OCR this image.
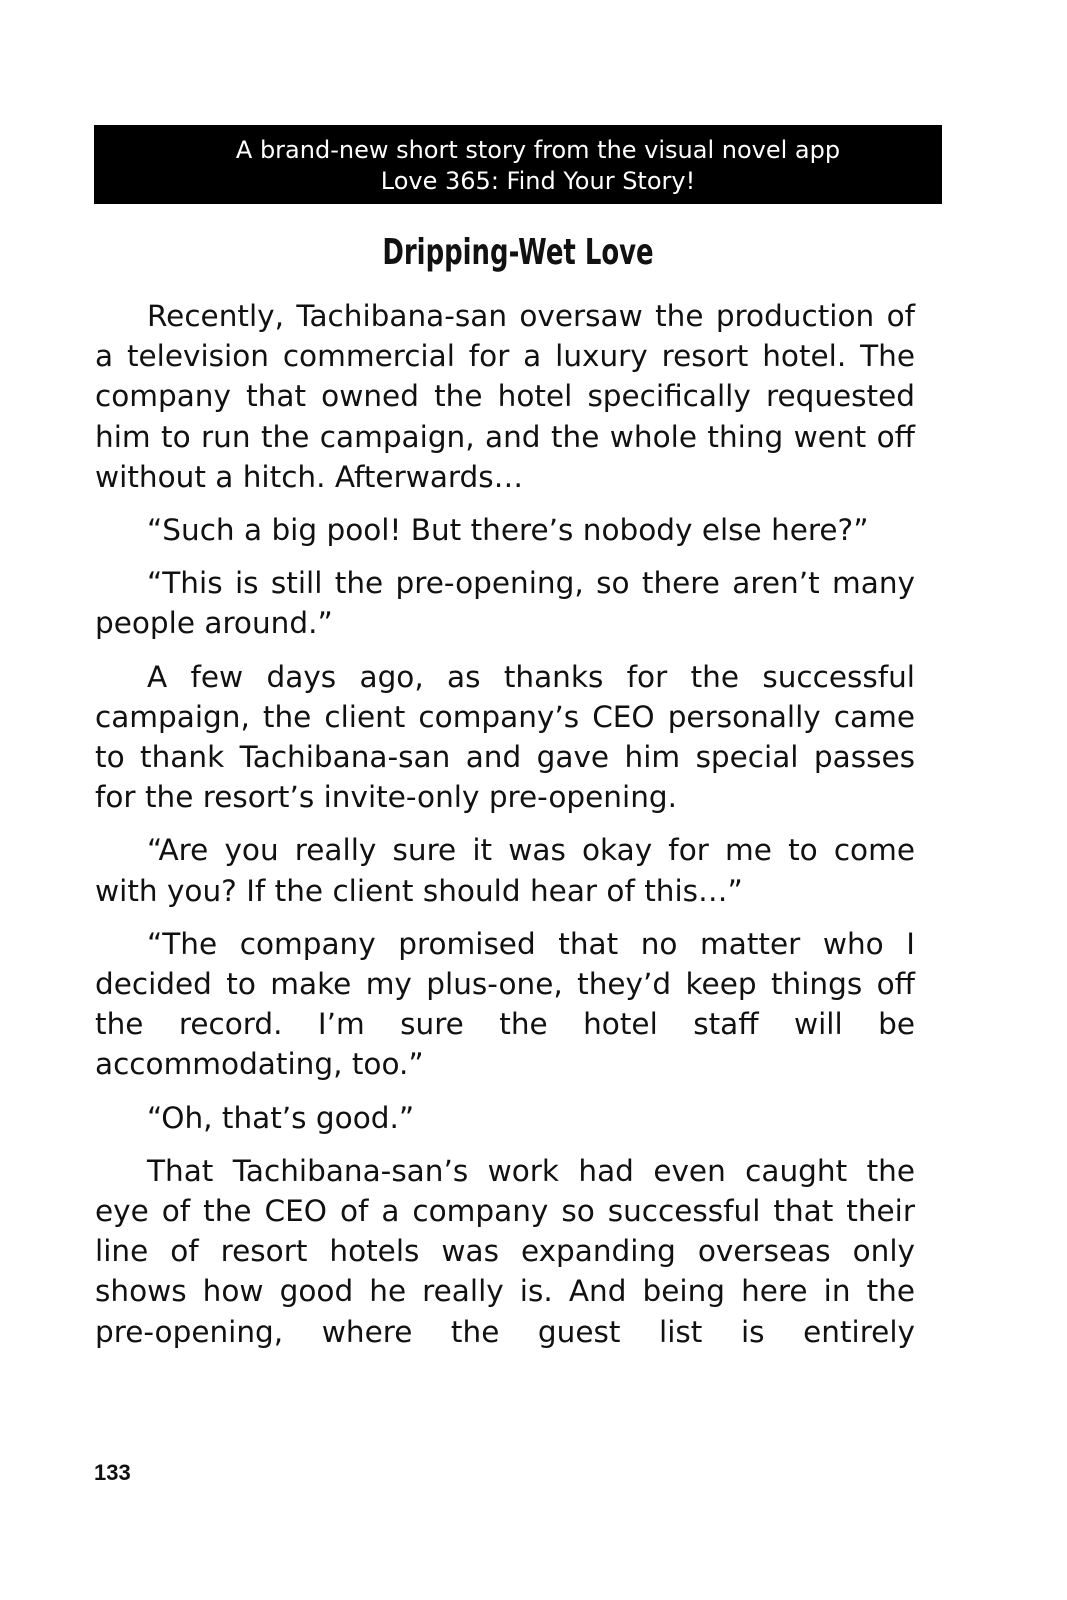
A brand-new short story from the visual novel app
Love 365: Find Your Story!
Dripping-Wet Love

Recently, Tachibana-san oversaw the production of a television commercial for a luxury resort hotel. The company that owned the hotel specifically requested him to run the campaign, and the whole thing went off without a hitch. Afterwards…

“Such a big pool! But there’s nobody else here?”

“This is still the pre-opening, so there aren’t many people around.”

A few days ago, as thanks for the successful campaign, the client company’s CEO personally came to thank Tachibana-san and gave him special passes for the resort’s invite-only pre-opening.

“Are you really sure it was okay for me to come with you? If the client should hear of this…”

“The company promised that no matter who I decided to make my plus-one, they’d keep things off the record. I’m sure the hotel staff will be accommodating, too.”

“Oh, that’s good.”

That Tachibana-san’s work had even caught the eye of the CEO of a company so successful that their line of resort hotels was expanding overseas only shows how good he really is. And being here in the pre-opening, where the guest list is entirely

133
